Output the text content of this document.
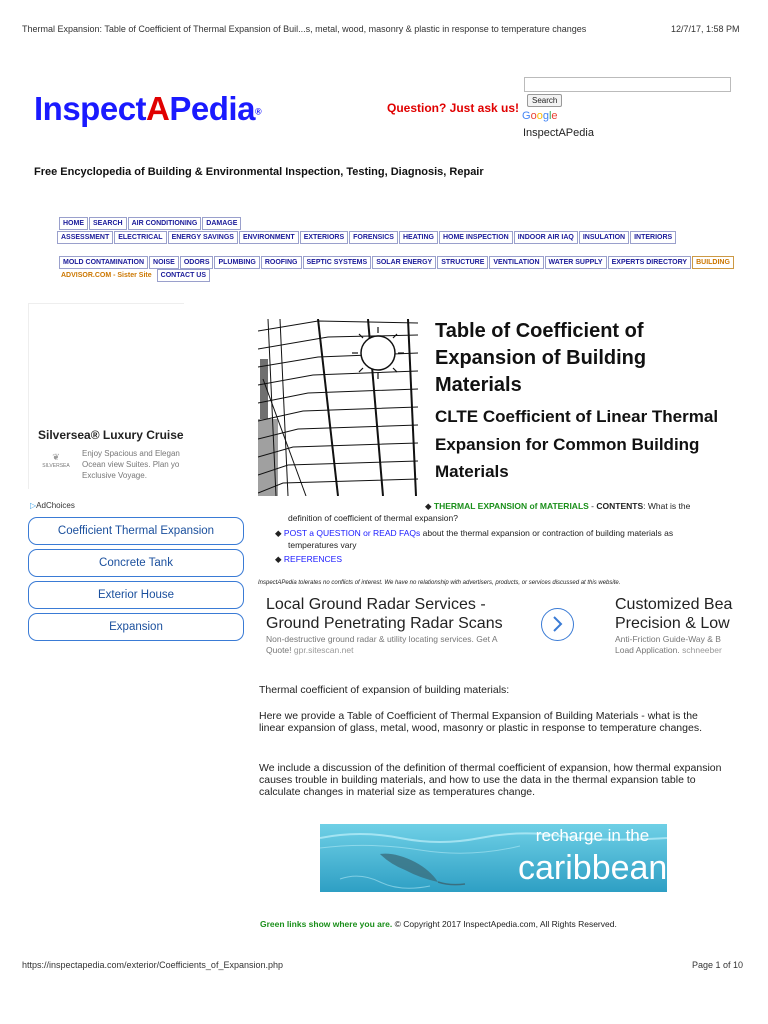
Thermal Expansion: Table of Coefficient of Thermal Expansion of Buil...s, metal, wood, masonry & plastic in response to temperature changes	12/7/17, 1:58 PM
InspectAPedia®	Question? Just ask us!
Search
Google
InspectAPedia
Free Encyclopedia of Building & Environmental Inspection, Testing, Diagnosis, Repair
HOME SEARCH AIR CONDITIONING DAMAGE
ASSESSMENT ELECTRICAL ENERGY SAVINGS ENVIRONMENT EXTERIORS FORENSICS HEATING HOME INSPECTION INDOOR AIR IAQ INSULATION INTERIORS
MOLD CONTAMINATION NOISE ODORS PLUMBING ROOFING SEPTIC SYSTEMS SOLAR ENERGY STRUCTURE VENTILATION WATER SUPPLY EXPERTS DIRECTORY BUILDING
ADVISOR.COM - Sister Site CONTACT US
Silversea® Luxury Cruise
❦
SILVERSEA
Enjoy Spacious and Elegan
Ocean view Suites. Plan yo
Exclusive Voyage.
▷AdChoices
Coefficient Thermal Expansion
Concrete Tank
Exterior House
Expansion
Table of Coefficient of Expansion of Building Materials
CLTE Coefficient of Linear Thermal Expansion for Common Building Materials
◆ THERMAL EXPANSION of MATERIALS - CONTENTS: What is the
definition of coefficient of thermal expansion?
◆ POST a QUESTION or READ FAQs about the thermal expansion or contraction of building materials as
temperatures vary
◆ REFERENCES
InspectAPedia tolerates no conflicts of interest. We have no relationship with advertisers, products, or services discussed at this website.
Local Ground Radar Services -
Ground Penetrating Radar Scans
Non-destructive ground radar & utility locating services. Get A
Quote! gpr.sitescan.net
Customized Bea
Precision & Low
Anti-Friction Guide-Way & B
Load Application. schneeber
Thermal coefficient of expansion of building materials:
Here we provide a Table of Coefficient of Thermal Expansion of Building Materials - what is the linear expansion of glass, metal, wood, masonry or plastic in response to temperature changes.
We include a discussion of the definition of thermal coefficient of expansion, how thermal expansion causes trouble in building materials, and how to use the data in the thermal expansion table to calculate changes in material size as temperatures change.
recharge in the
caribbean
Green links show where you are. © Copyright 2017 InspectApedia.com, All Rights Reserved.
https://inspectapedia.com/exterior/Coefficients_of_Expansion.php	Page 1 of 10
